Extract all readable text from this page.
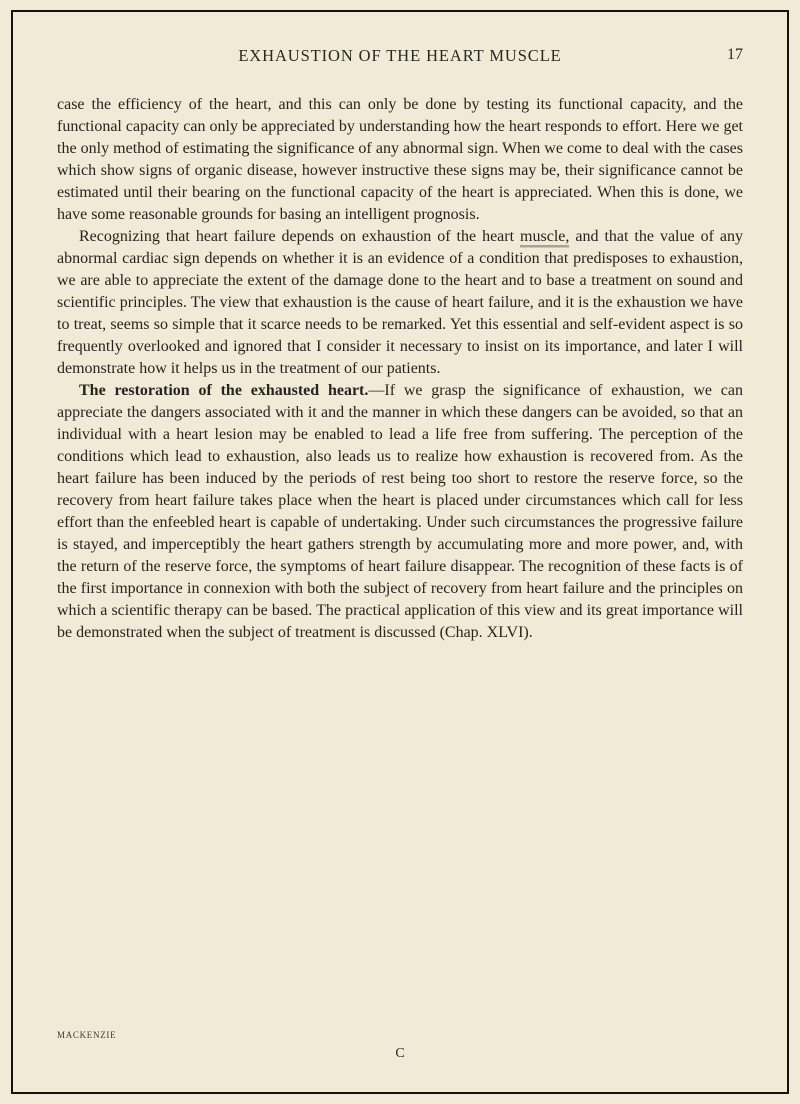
EXHAUSTION OF THE HEART MUSCLE	17

case the efficiency of the heart, and this can only be done by testing its functional capacity, and the functional capacity can only be appreciated by understanding how the heart responds to effort. Here we get the only method of estimating the significance of any abnormal sign. When we come to deal with the cases which show signs of organic disease, however instructive these signs may be, their significance cannot be estimated until their bearing on the functional capacity of the heart is appreciated. When this is done, we have some reasonable grounds for basing an intelligent prognosis.

Recognizing that heart failure depends on exhaustion of the heart muscle, and that the value of any abnormal cardiac sign depends on whether it is an evidence of a condition that predisposes to exhaustion, we are able to appreciate the extent of the damage done to the heart and to base a treatment on sound and scientific principles. The view that exhaustion is the cause of heart failure, and it is the exhaustion we have to treat, seems so simple that it scarce needs to be remarked. Yet this essential and self-evident aspect is so frequently overlooked and ignored that I consider it necessary to insist on its importance, and later I will demonstrate how it helps us in the treatment of our patients.

The restoration of the exhausted heart.—If we grasp the significance of exhaustion, we can appreciate the dangers associated with it and the manner in which these dangers can be avoided, so that an individual with a heart lesion may be enabled to lead a life free from suffering. The perception of the conditions which lead to exhaustion, also leads us to realize how exhaustion is recovered from. As the heart failure has been induced by the periods of rest being too short to restore the reserve force, so the recovery from heart failure takes place when the heart is placed under circumstances which call for less effort than the enfeebled heart is capable of undertaking. Under such circumstances the progressive failure is stayed, and imperceptibly the heart gathers strength by accumulating more and more power, and, with the return of the reserve force, the symptoms of heart failure disappear. The recognition of these facts is of the first importance in connexion with both the subject of recovery from heart failure and the principles on which a scientific therapy can be based. The practical application of this view and its great importance will be demonstrated when the subject of treatment is discussed (Chap. XLVI).

MACKENZIE
C
